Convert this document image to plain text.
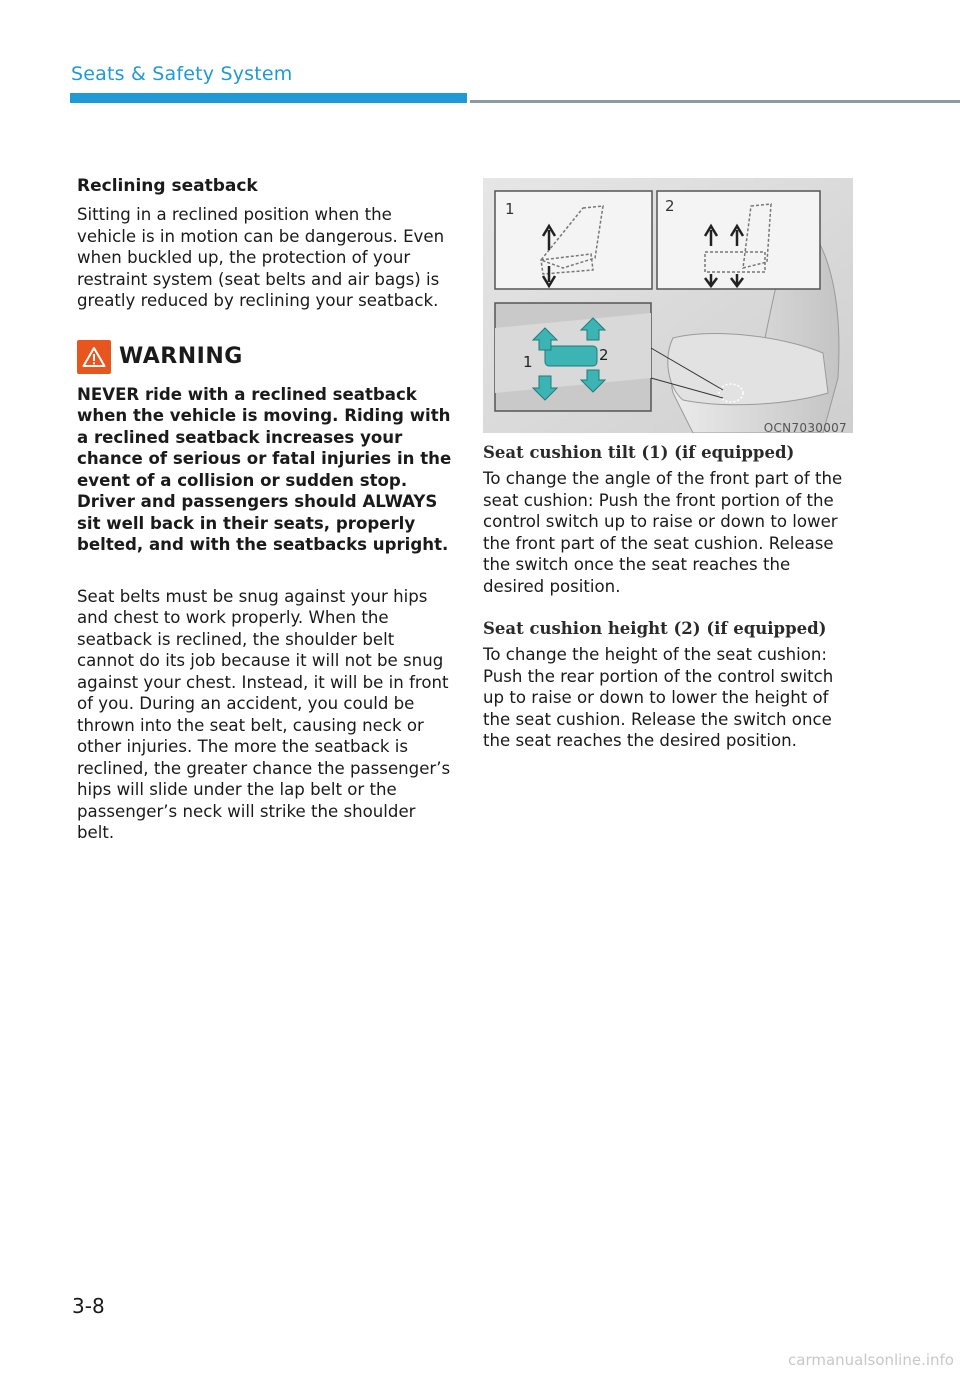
Seats & Safety System
Reclining seatback

Sitting in a reclined position when the vehicle is in motion can be dangerous. Even when buckled up, the protection of your restraint system (seat belts and air bags) is greatly reduced by reclining your seatback.

WARNING

NEVER ride with a reclined seatback when the vehicle is moving. Riding with a reclined seatback increases your chance of serious or fatal injuries in the event of a collision or sudden stop. Driver and passengers should ALWAYS sit well back in their seats, properly belted, and with the seatbacks upright.

Seat belts must be snug against your hips and chest to work properly. When the seatback is reclined, the shoulder belt cannot do its job because it will not be snug against your chest. Instead, it will be in front of you. During an accident, you could be thrown into the seat belt, causing neck or other injuries. The more the seatback is reclined, the greater chance the passenger’s hips will slide under the lap belt or the passenger’s neck will strike the shoulder belt.

1	2
1	2
OCN7030007
Seat cushion tilt (1) (if equipped)

To change the angle of the front part of the seat cushion: Push the front portion of the control switch up to raise or down to lower the front part of the seat cushion. Release the switch once the seat reaches the desired position.

Seat cushion height (2) (if equipped)

To change the height of the seat cushion: Push the rear portion of the control switch up to raise or down to lower the height of the seat cushion. Release the switch once the seat reaches the desired position.

3-8
carmanualsonline.info
